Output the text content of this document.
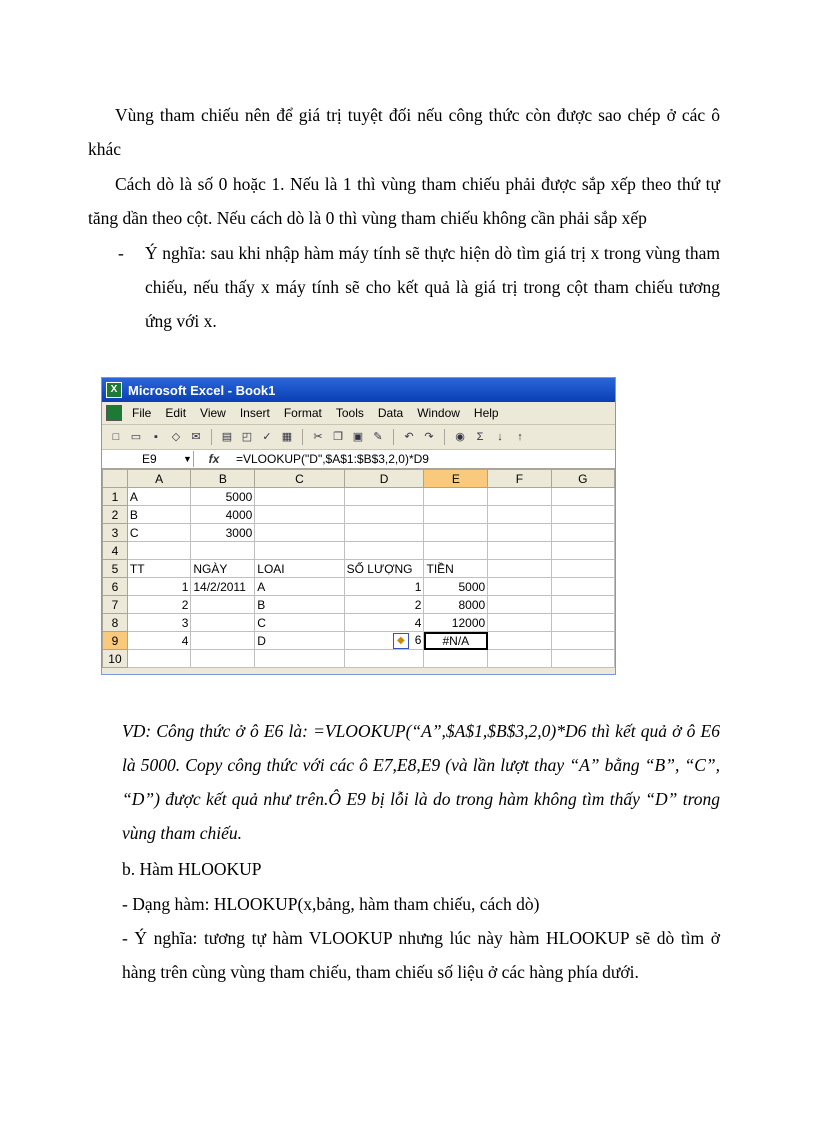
Vùng tham chiếu nên để giá trị tuyệt đối nếu công thức còn được sao chép ở các ô khác

Cách dò là số 0 hoặc 1. Nếu là 1 thì vùng tham chiếu phải được sắp xếp theo thứ tự tăng dần theo cột. Nếu cách dò là 0 thì vùng tham chiếu không cần phải sắp xếp

- Ý nghĩa: sau khi nhập hàm máy tính sẽ thực hiện dò tìm giá trị x trong vùng tham chiếu, nếu thấy x máy tính sẽ cho kết quả là giá trị trong cột tham chiếu tương ứng với x.

X Microsoft Excel - Book1
File Edit View Insert Format Tools Data Window Help
□	▭	▪	◇	✉	▤ ◰ ✓ ▦	✂ ❐ ▣ ✎	↶ ↷	◉	Σ	↓	↑
E9	▼	fx	=VLOOKUP("D",$A$1:$B$3,2,0)*D9
	A	B	C	D	E	F	G
1	A	5000					
2	B	4000					
3	C	3000					
4							
5	TT	NGÀY	LOAI	SỐ LƯỢNG	TIỀN		
6	1	14/2/2011	A	1	5000		
7	2		B	2	8000		
8	3		C	4	12000		
9	4		D	◆ 6	#N/A		
10							

VD: Công thức ở ô E6 là: =VLOOKUP(“A”,$A$1,$B$3,2,0)*D6 thì kết quả ở ô E6 là 5000. Copy công thức với các ô E7,E8,E9 (và lần lượt thay “A” bằng “B”, “C”, “D”) được kết quả như trên.Ô E9 bị lỗi là do trong hàm không tìm thấy “D” trong vùng tham chiếu.

b. Hàm HLOOKUP

- Dạng hàm: HLOOKUP(x,bảng, hàm tham chiếu, cách dò)

- Ý nghĩa: tương tự hàm VLOOKUP nhưng lúc này hàm HLOOKUP sẽ dò tìm ở hàng trên cùng vùng tham chiếu, tham chiếu số liệu ở các hàng phía dưới.
